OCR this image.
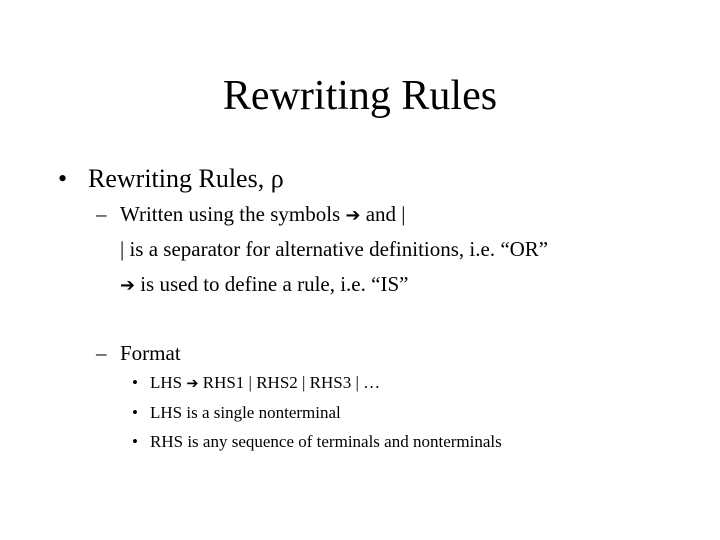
Rewriting Rules
• Rewriting Rules, ρ
– Written using the symbols ➔ and |
| is a separator for alternative definitions, i.e. “OR”
➔ is used to define a rule, i.e. “IS”
– Format
• LHS ➔ RHS1 | RHS2 | RHS3 | …
• LHS is a single nonterminal
• RHS is any sequence of terminals and nonterminals
